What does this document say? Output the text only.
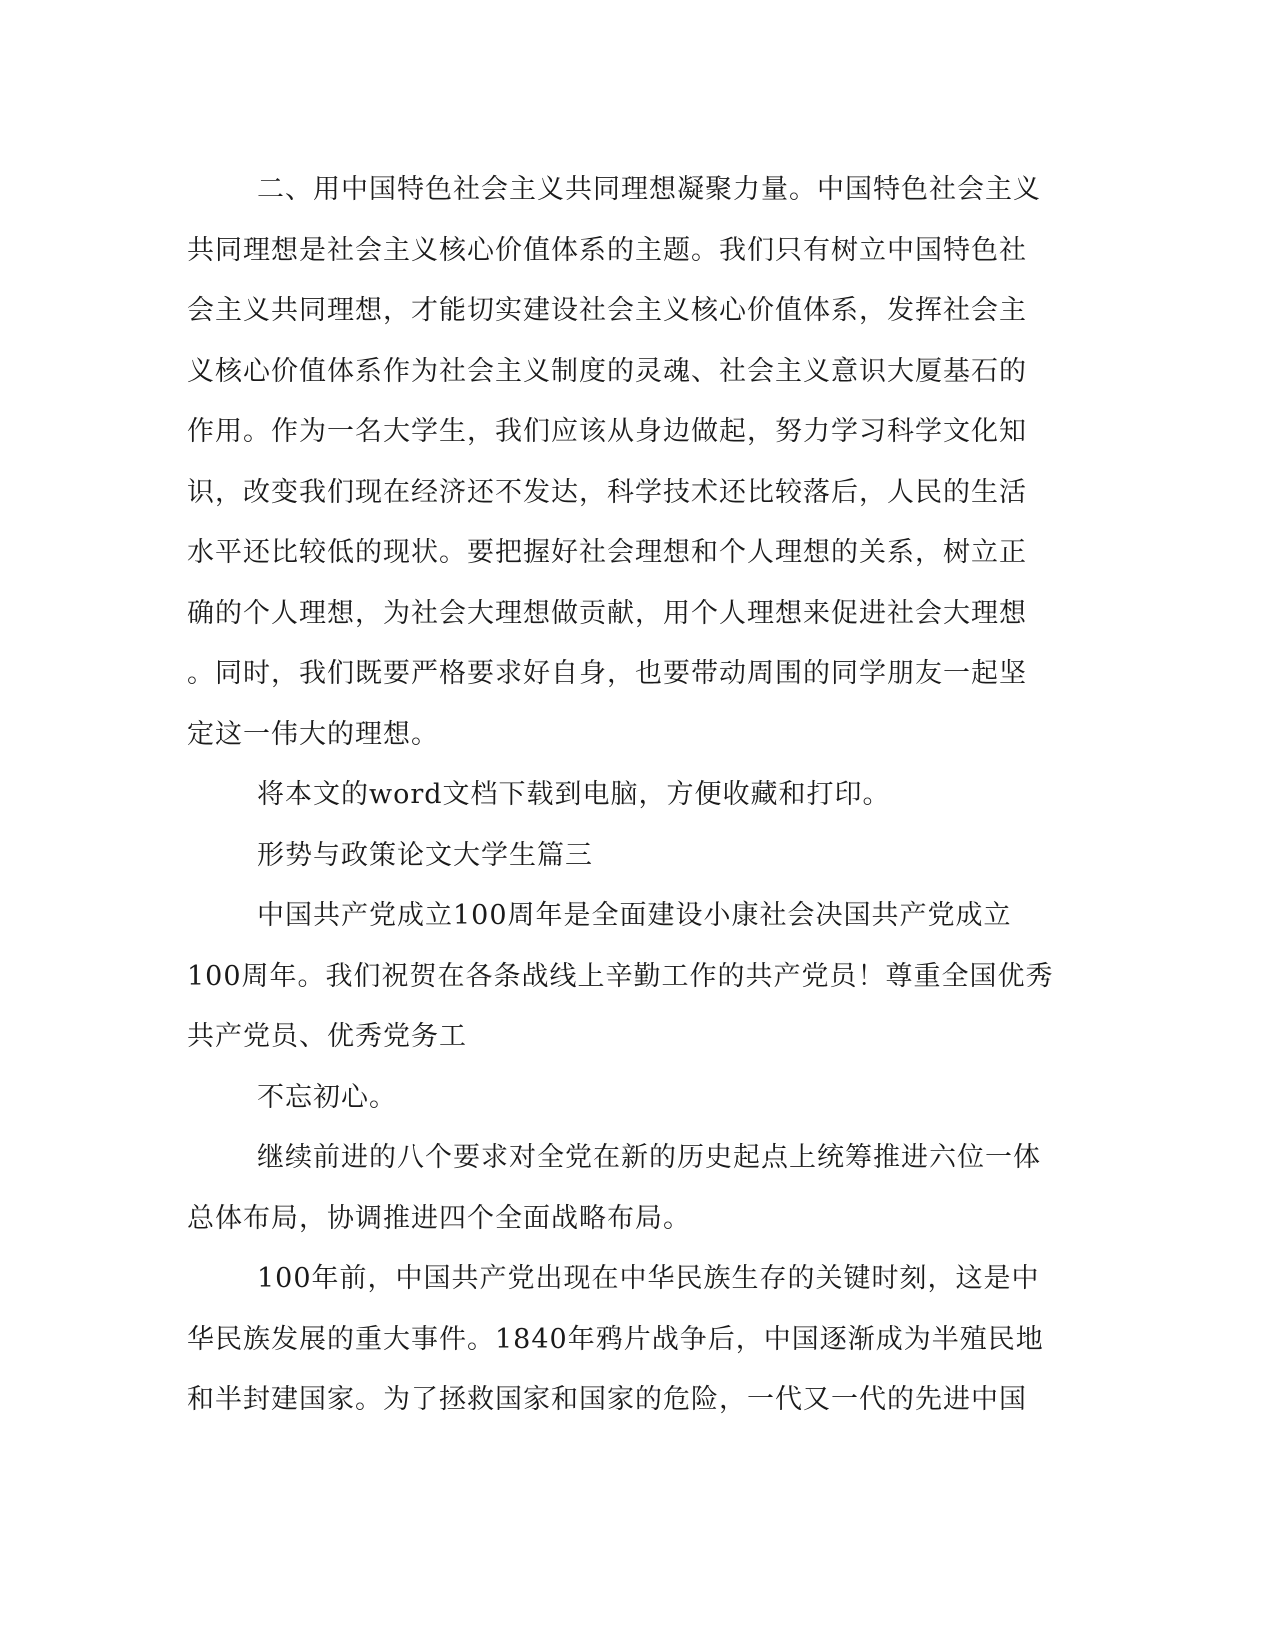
二、用中国特色社会主义共同理想凝聚力量。中国特色社会主义
共同理想是社会主义核心价值体系的主题。我们只有树立中国特色社
会主义共同理想，才能切实建设社会主义核心价值体系，发挥社会主
义核心价值体系作为社会主义制度的灵魂、社会主义意识大厦基石的
作用。作为一名大学生，我们应该从身边做起，努力学习科学文化知
识，改变我们现在经济还不发达，科学技术还比较落后，人民的生活
水平还比较低的现状。要把握好社会理想和个人理想的关系，树立正
确的个人理想，为社会大理想做贡献，用个人理想来促进社会大理想
。同时，我们既要严格要求好自身，也要带动周围的同学朋友一起坚
定这一伟大的理想。

将本文的word文档下载到电脑，方便收藏和打印。

形势与政策论文大学生篇三

中国共产党成立100周年是全面建设小康社会决国共产党成立
100周年。我们祝贺在各条战线上辛勤工作的共产党员！尊重全国优秀
共产党员、优秀党务工

不忘初心。

继续前进的八个要求对全党在新的历史起点上统筹推进六位一体
总体布局，协调推进四个全面战略布局。

100年前，中国共产党出现在中华民族生存的关键时刻，这是中
华民族发展的重大事件。1840年鸦片战争后，中国逐渐成为半殖民地
和半封建国家。为了拯救国家和国家的危险，一代又一代的先进中国
